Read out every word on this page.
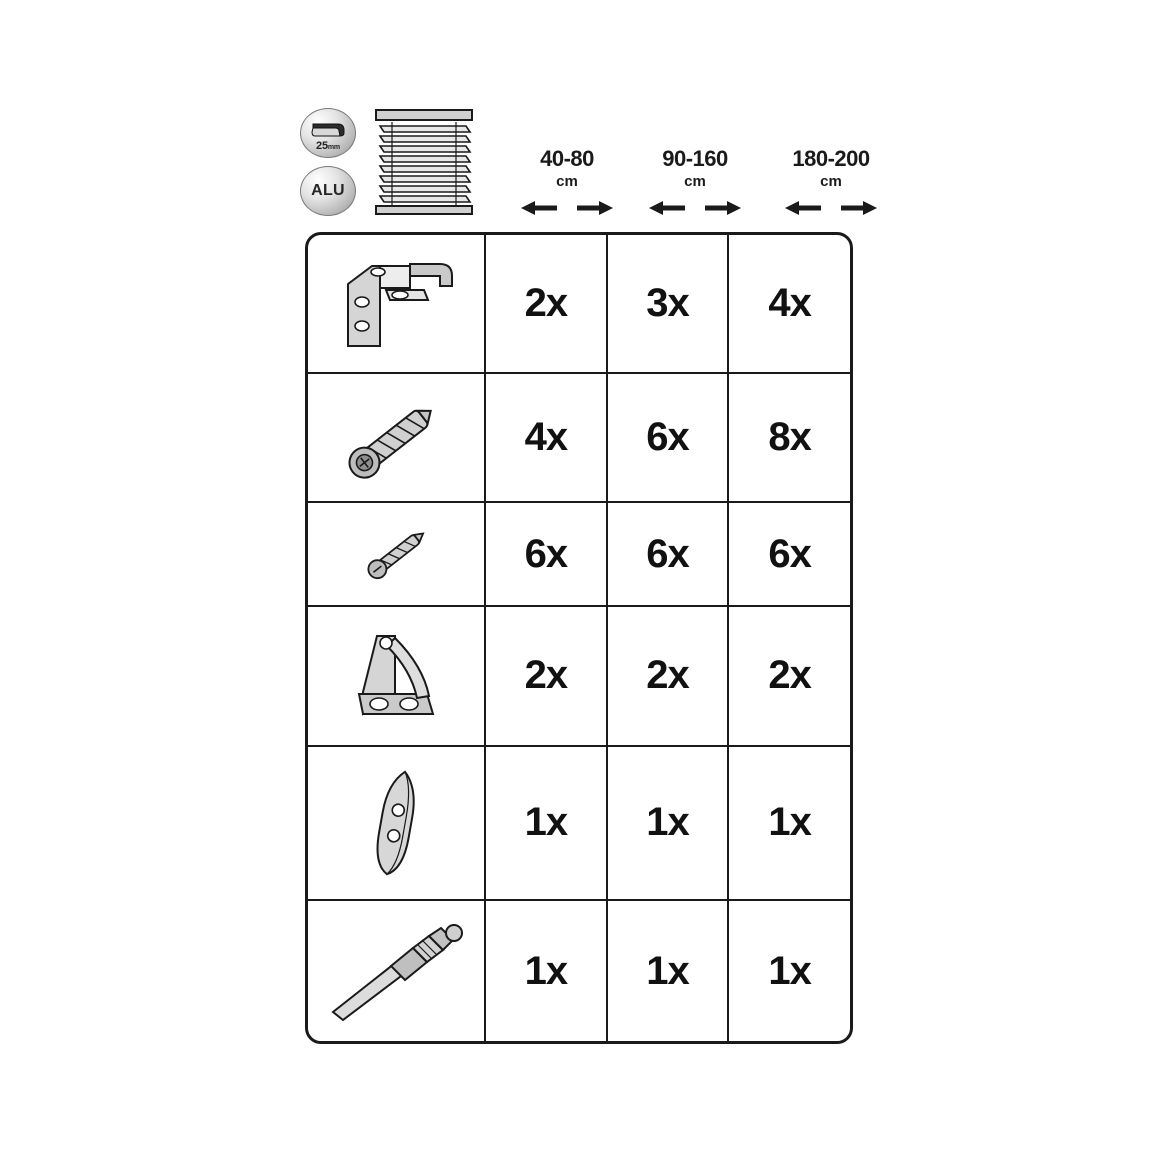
25mm
ALU
40-80
cm
90-160
cm
180-200
cm
	2x	3x	4x

	4x	6x	8x

	6x	6x	6x

	2x	2x	2x

	1x	1x	1x

	1x	1x	1x
